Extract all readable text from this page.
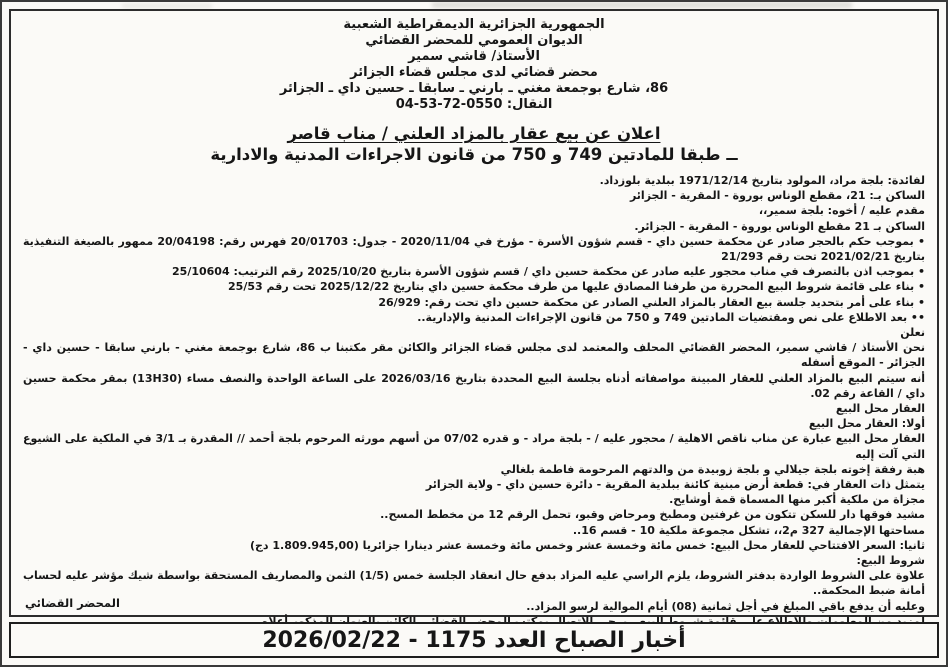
الجمهورية الجزائرية الديمقراطية الشعبية
الديوان العمومي للمحضر القضائي
الأستاذ/ قاشي سمير
محضر قضائي لدى مجلس قضاء الجزائر
86، شارع بوجمعة مغني ـ بارني ـ سابقا ـ حسين داي ـ الجزائر
النقال: 0550-72-53-04
اعلان عن بيع عقار بالمزاد العلني / مناب قاصر
ــ طبقا للمادتين 749 و 750 من قانون الاجراءات المدنية والادارية

لفائدة: بلجة مراد، المولود بتاريخ 1971/12/14 ببلدية بلوزداد.

الساكن بـ: 21، مقطع الوناس بوروة - المقرية - الجزائر

مقدم عليه / أخوه: بلجة سمير،،

الساكن بـ 21 مقطع الوناس بوروة - المقرية - الجزائر.

• بموجب حكم بالحجر صادر عن محكمة حسين داي - قسم شؤون الأسرة - مؤرخ في 2020/11/04 - جدول: 20/01703 فهرس رقم: 20/04198 ممهور بالصيغة التنفيذية بتاريخ 2021/02/21 تحت رقم 21/293

• بموجب اذن بالتصرف في مناب محجور عليه صادر عن محكمة حسين داي / قسم شؤون الأسرة بتاريخ 2025/10/20 رقم الترتيب: 25/10604

• بناء على قائمة شروط البيع المحررة من طرفنا المصادق عليها من طرف محكمة حسين داي بتاريخ 2025/12/22 تحت رقم 25/53

• بناء على أمر بتحديد جلسة بيع العقار بالمزاد العلني الصادر عن محكمة حسين داي تحت رقم: 26/929

•• بعد الاطلاع على نص ومقتضيات المادتين 749 و 750 من قانون الإجراءات المدنية والإدارية..

نعلن

نحن الأستاذ / قاشي سمير، المحضر القضائي المحلف والمعتمد لدى مجلس قضاء الجزائر والكائن مقر مكتبنا ب 86، شارع بوجمعة مغني - بارني سابقا - حسين داي - الجزائر - الموقع أسفله

أنه سيتم البيع بالمزاد العلني للعقار المبينة مواصفاته أدناه بجلسة البيع المحددة بتاريخ 2026/03/16 على الساعة الواحدة والنصف مساء (13H30) بمقر محكمة حسين داي / القاعة رقم 02.

العقار محل البيع

أولا: العقار محل البيع

العقار محل البيع عبارة عن مناب ناقص الاهلية / محجور عليه / - بلجة مراد - و قدره 07/02 من أسهم مورثه المرحوم بلجة أحمد // المقدرة بـ 3/1 في الملكية على الشيوع التي آلت إليه

هبة رفقة إخوته بلجة جيلالي و بلجة زوبيدة من والدتهم المرحومة فاطمة بلغالي

يتمثل ذات العقار في: قطعة أرض مبنية كائنة ببلدية المقرية - دائرة حسين داي - ولاية الجزائر

مجزاة من ملكية أكبر منها المسماة قمة أوشايح.

مشيد فوقها دار للسكن تتكون من غرفتين ومطبخ ومرحاض وقبو، تحمل الرقم 12 من مخطط المسح..

مساحتها الإجمالية 327 م2،، تشكل مجموعة ملكية 10 - قسم 16..

ثانيا: السعر الافتتاحي للعقار محل البيع: خمس مائة وخمسة عشر وخمس مائة وخمسة عشر دينارا جزائريا (1.809.945,00 دج)

شروط البيع:

علاوة على الشروط الواردة بدفتر الشروط، يلزم الراسي عليه المزاد بدفع حال انعقاد الجلسة خمس (1/5) الثمن والمصاريف المستحقة بواسطة شيك مؤشر عليه لحساب أمانة ضبط المحكمة..

وعليه أن يدفع باقي المبلغ في أجل ثمانية (08) أيام الموالية لرسو المزاد..

المحضر القضائي
أخبار الصباح العدد 1175 - 2026/02/22
